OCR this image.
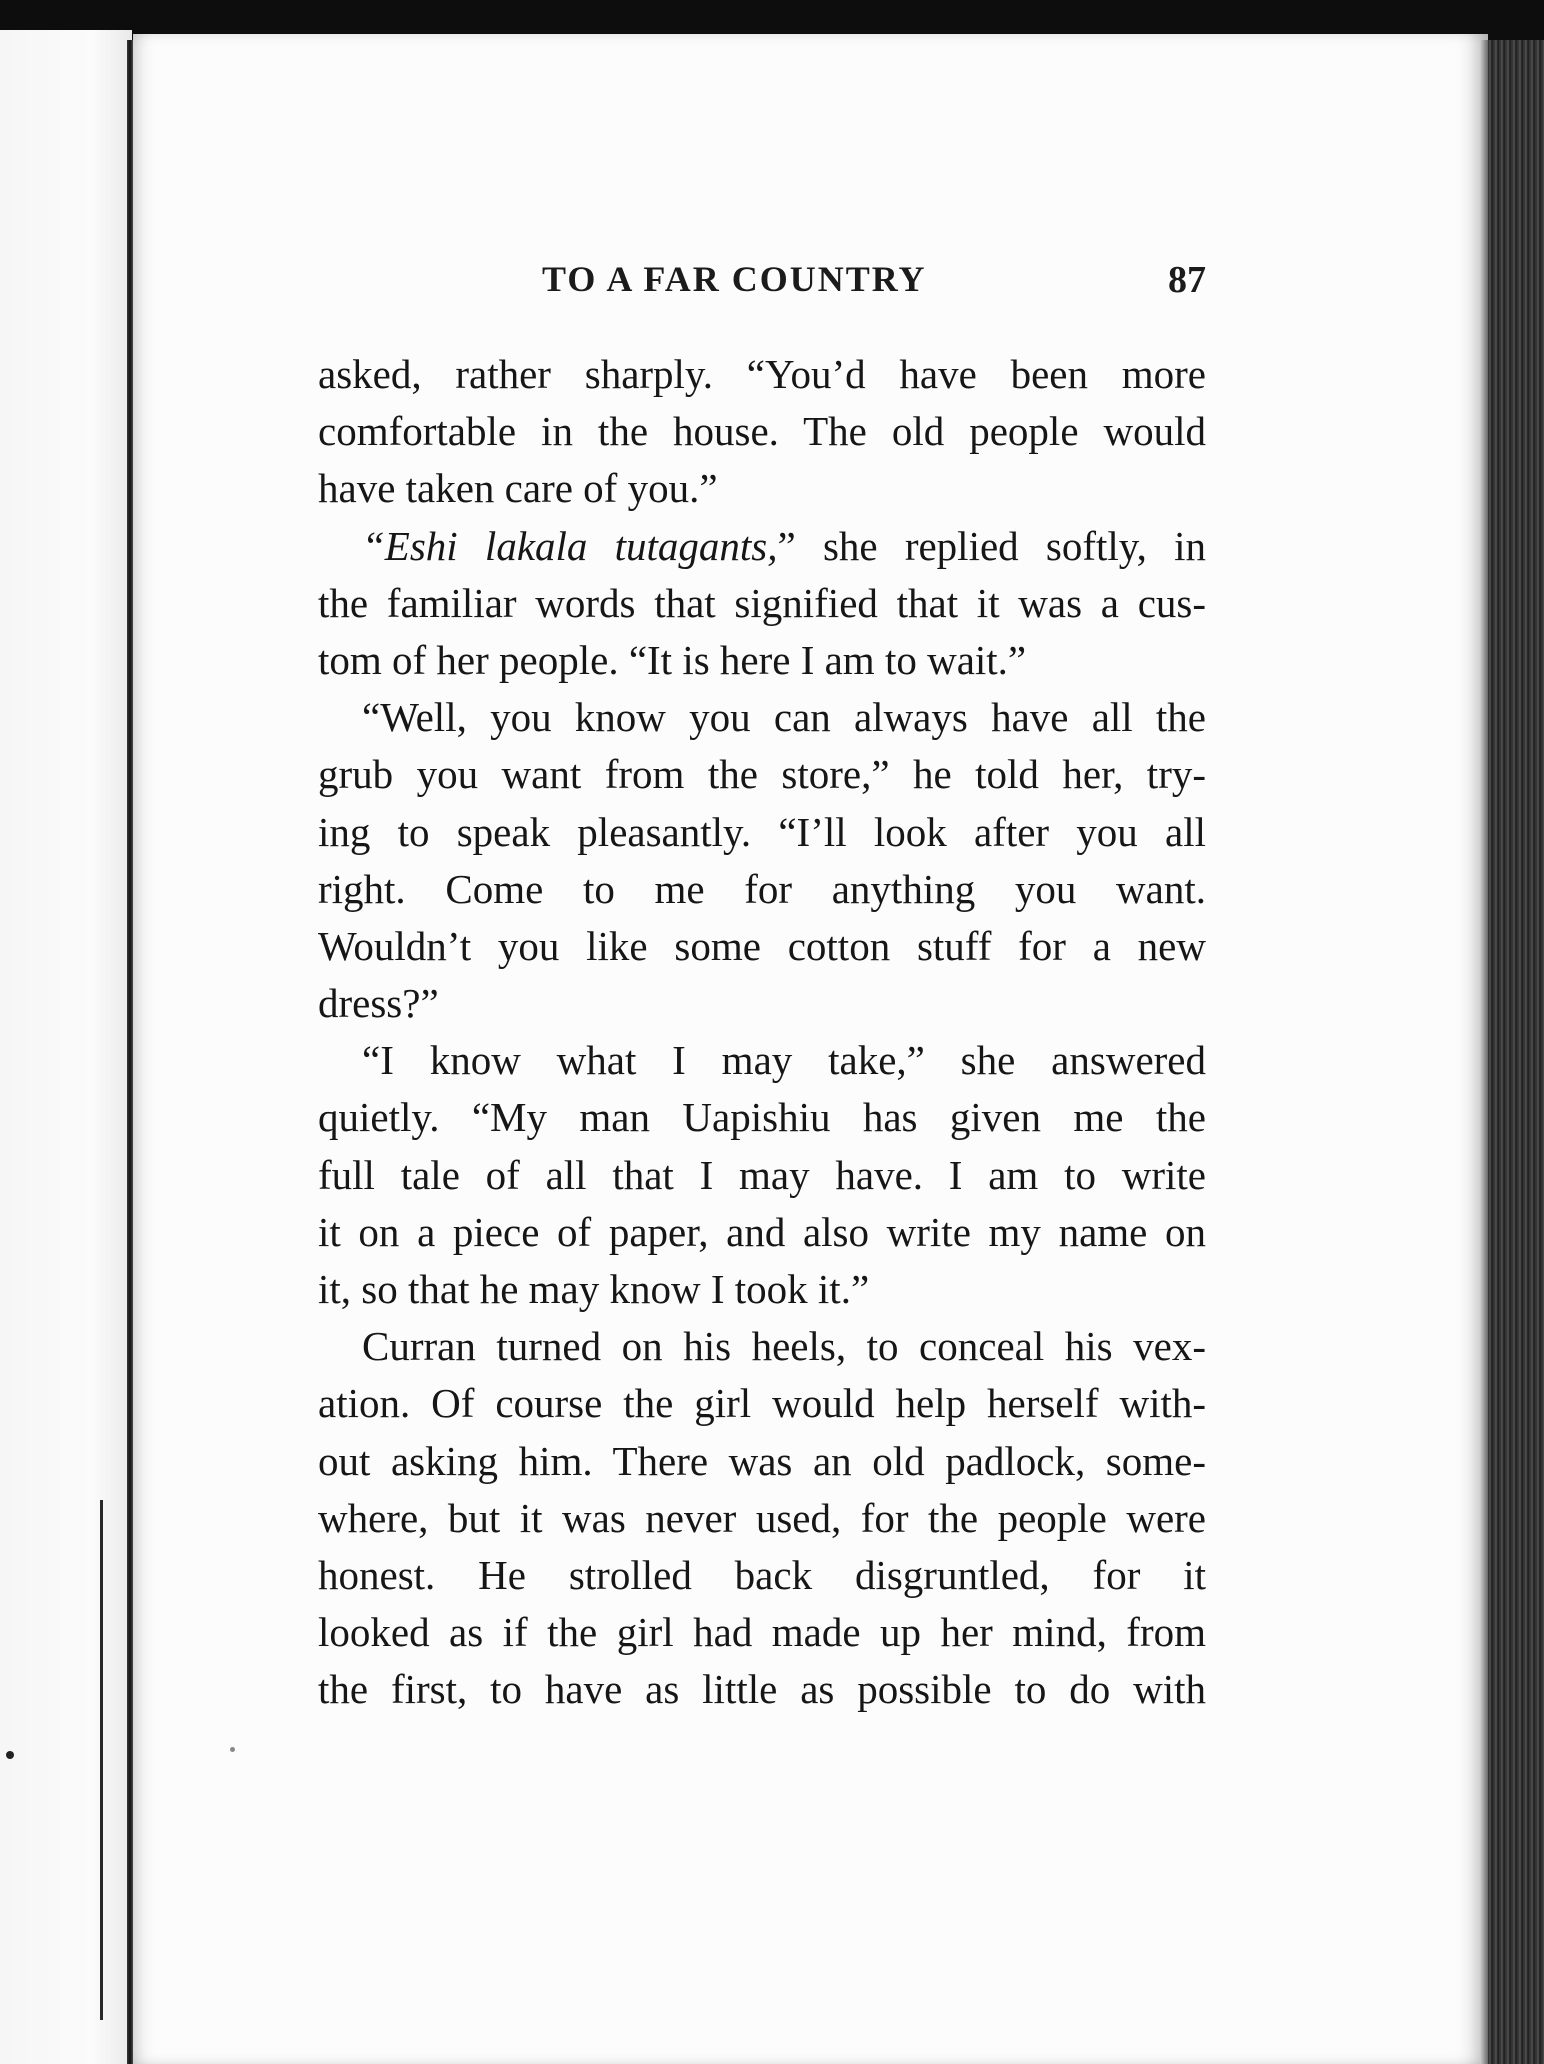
TO A FAR COUNTRY	87
asked, rather sharply. “You’d have been more
comfortable in the house. The old people would
have taken care of you.”
“Eshi lakala tutagants,” she replied softly, in
the familiar words that signified that it was a cus-
tom of her people. “It is here I am to wait.”
“Well, you know you can always have all the
grub you want from the store,” he told her, try-
ing to speak pleasantly. “I’ll look after you all
right. Come to me for anything you want.
Wouldn’t you like some cotton stuff for a new
dress?”
“I know what I may take,” she answered
quietly. “My man Uapishiu has given me the
full tale of all that I may have. I am to write
it on a piece of paper, and also write my name on
it, so that he may know I took it.”
Curran turned on his heels, to conceal his vex-
ation. Of course the girl would help herself with-
out asking him. There was an old padlock, some-
where, but it was never used, for the people were
honest. He strolled back disgruntled, for it
looked as if the girl had made up her mind, from
the first, to have as little as possible to do with
